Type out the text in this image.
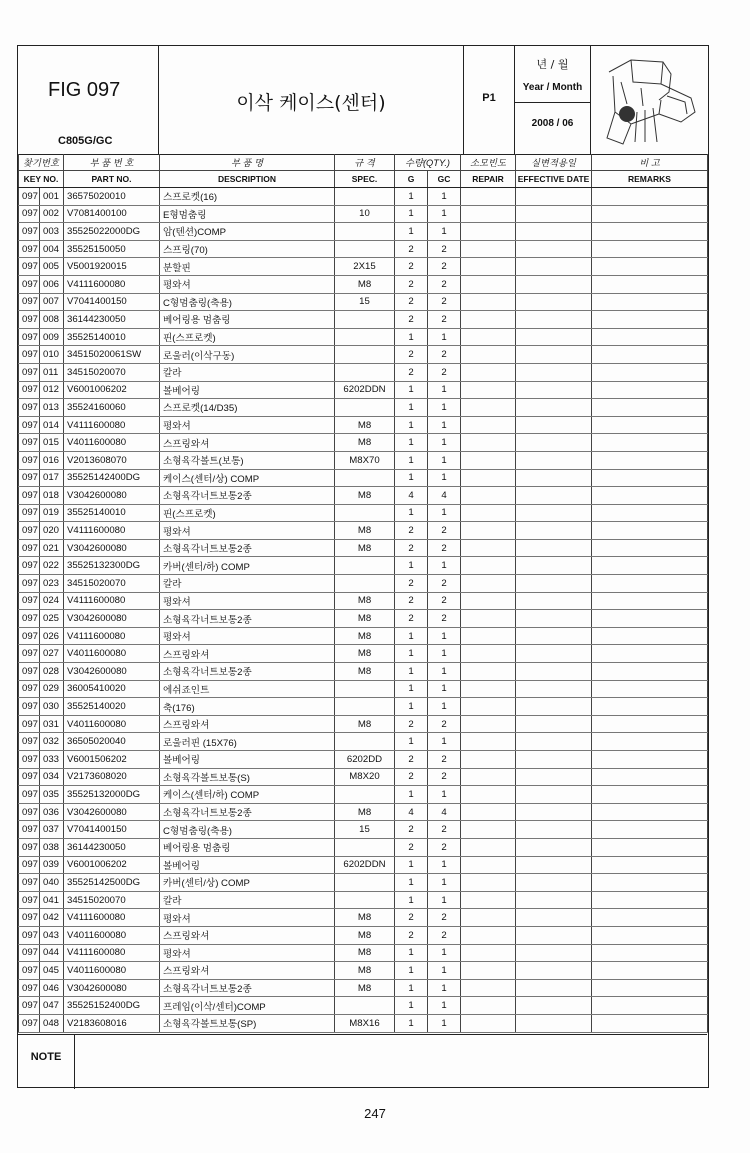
FIG 097
C805G/GC
이삭 케이스(센터)	P1
년 / 월
Year / Month
2008 / 06
찾기번호		부 품 번 호	부 품 명	규 격	수량(QTY.)		소모빈도	실변적용일	비 고
KEY NO.		PART NO.	DESCRIPTION	SPEC.	G	GC	REPAIR	EFFECTIVE DATE	REMARKS
097	001	36575020010	스프로켓(16)		1	1			
097	002	V7081400100	E형멈춤링	10	1	1			
097	003	35525022000DG	암(텐션)COMP		1	1			
097	004	35525150050	스프링(70)		2	2			
097	005	V5001920015	분할핀	2X15	2	2			
097	006	V4111600080	평와셔	M8	2	2			
097	007	V7041400150	C형멈춤링(축용)	15	2	2			
097	008	36144230050	베어링용 멈춤링		2	2			
097	009	35525140010	핀(스프로켓)		1	1			
097	010	34515020061SW	로울러(이삭구동)		2	2			
097	011	34515020070	칼라		2	2			
097	012	V6001006202	볼베어링	6202DDN	1	1			
097	013	35524160060	스프로켓(14/D35)		1	1			
097	014	V4111600080	평와셔	M8	1	1			
097	015	V4011600080	스프링와셔	M8	1	1			
097	016	V2013608070	소형육각볼트(보통)	M8X70	1	1			
097	017	35525142400DG	케이스(센터/상) COMP		1	1			
097	018	V3042600080	소형육각너트보통2종	M8	4	4			
097	019	35525140010	핀(스프로켓)		1	1			
097	020	V4111600080	평와셔	M8	2	2			
097	021	V3042600080	소형육각너트보통2종	M8	2	2			
097	022	35525132300DG	카버(센터/하) COMP		1	1			
097	023	34515020070	칼라		2	2			
097	024	V4111600080	평와셔	M8	2	2			
097	025	V3042600080	소형육각너트보통2종	M8	2	2			
097	026	V4111600080	평와셔	M8	1	1			
097	027	V4011600080	스프링와셔	M8	1	1			
097	028	V3042600080	소형육각너트보통2종	M8	1	1			
097	029	36005410020	에쉬죠인트		1	1			
097	030	35525140020	축(176)		1	1			
097	031	V4011600080	스프링와셔	M8	2	2			
097	032	36505020040	로울러핀 (15X76)		1	1			
097	033	V6001506202	볼베어링	6202DD	2	2			
097	034	V2173608020	소형육각볼트보통(S)	M8X20	2	2			
097	035	35525132000DG	케이스(센터/하) COMP		1	1			
097	036	V3042600080	소형육각너트보통2종	M8	4	4			
097	037	V7041400150	C형멈춤링(축용)	15	2	2			
097	038	36144230050	베어링용 멈춤링		2	2			
097	039	V6001006202	볼베어링	6202DDN	1	1			
097	040	35525142500DG	카버(센터/상) COMP		1	1			
097	041	34515020070	칼라		1	1			
097	042	V4111600080	평와셔	M8	2	2			
097	043	V4011600080	스프링와셔	M8	2	2			
097	044	V4111600080	평와셔	M8	1	1			
097	045	V4011600080	스프링와셔	M8	1	1			
097	046	V3042600080	소형육각너트보통2종	M8	1	1			
097	047	35525152400DG	프레임(이삭/센터)COMP		1	1			
097	048	V2183608016	소형육각볼트보통(SP)	M8X16	1	1			
NOTE
247
